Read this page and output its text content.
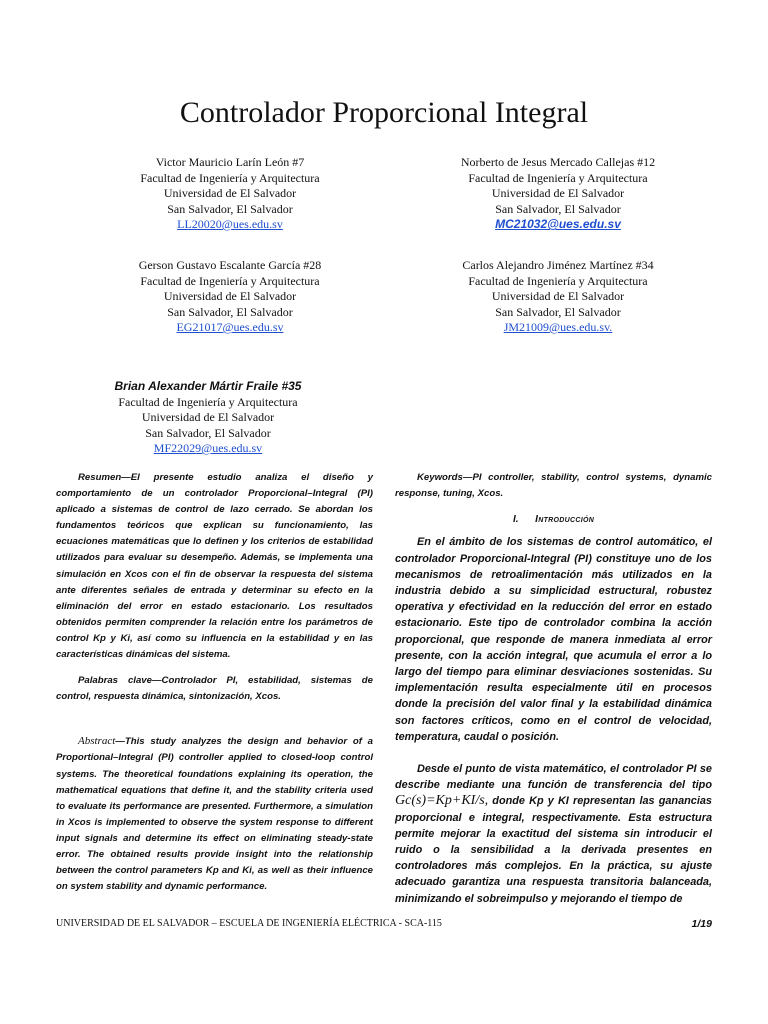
Controlador Proporcional Integral
Victor Mauricio Larín León #7
Facultad de Ingeniería y Arquitectura
Universidad de El Salvador
San Salvador, El Salvador
LL20020@ues.edu.sv
Norberto de Jesus Mercado Callejas #12
Facultad de Ingeniería y Arquitectura
Universidad de El Salvador
San Salvador, El Salvador
MC21032@ues.edu.sv
Gerson Gustavo Escalante García #28
Facultad de Ingeniería y Arquitectura
Universidad de El Salvador
San Salvador, El Salvador
EG21017@ues.edu.sv
Carlos Alejandro Jiménez Martínez #34
Facultad de Ingeniería y Arquitectura
Universidad de El Salvador
San Salvador, El Salvador
JM21009@ues.edu.sv.
Brian Alexander Mártir Fraile #35
Facultad de Ingeniería y Arquitectura
Universidad de El Salvador
San Salvador, El Salvador
MF22029@ues.edu.sv

Resumen—El presente estudio analiza el diseño y comportamiento de un controlador Proporcional–Integral (PI) aplicado a sistemas de control de lazo cerrado. Se abordan los fundamentos teóricos que explican su funcionamiento, las ecuaciones matemáticas que lo definen y los criterios de estabilidad utilizados para evaluar su desempeño. Además, se implementa una simulación en Xcos con el fin de observar la respuesta del sistema ante diferentes señales de entrada y determinar su efecto en la eliminación del error en estado estacionario. Los resultados obtenidos permiten comprender la relación entre los parámetros de control Kp y Ki, así como su influencia en la estabilidad y en las características dinámicas del sistema.

Palabras clave—Controlador PI, estabilidad, sistemas de control, respuesta dinámica, sintonización, Xcos.

Abstract—This study analyzes the design and behavior of a Proportional–Integral (PI) controller applied to closed-loop control systems. The theoretical foundations explaining its operation, the mathematical equations that define it, and the stability criteria used to evaluate its performance are presented. Furthermore, a simulation in Xcos is implemented to observe the system response to different input signals and determine its effect on eliminating steady-state error. The obtained results provide insight into the relationship between the control parameters Kp and Ki, as well as their influence on system stability and dynamic performance.

Keywords—PI controller, stability, control systems, dynamic response, tuning, Xcos.

I. Introducción

En el ámbito de los sistemas de control automático, el controlador Proporcional-Integral (PI) constituye uno de los mecanismos de retroalimentación más utilizados en la industria debido a su simplicidad estructural, robustez operativa y efectividad en la reducción del error en estado estacionario. Este tipo de controlador combina la acción proporcional, que responde de manera inmediata al error presente, con la acción integral, que acumula el error a lo largo del tiempo para eliminar desviaciones sostenidas. Su implementación resulta especialmente útil en procesos donde la precisión del valor final y la estabilidad dinámica son factores críticos, como en el control de velocidad, temperatura, caudal o posición.

Desde el punto de vista matemático, el controlador PI se describe mediante una función de transferencia del tipo Gc(s)=Kp+KI/s, donde Kp y KI representan las ganancias proporcional e integral, respectivamente. Esta estructura permite mejorar la exactitud del sistema sin introducir el ruido o la sensibilidad a la derivada presentes en controladores más complejos. En la práctica, su ajuste adecuado garantiza una respuesta transitoria balanceada, minimizando el sobreimpulso y mejorando el tiempo de

UNIVERSIDAD DE EL SALVADOR – ESCUELA DE INGENIERÍA ELÉCTRICA - SCA-115	1/19
